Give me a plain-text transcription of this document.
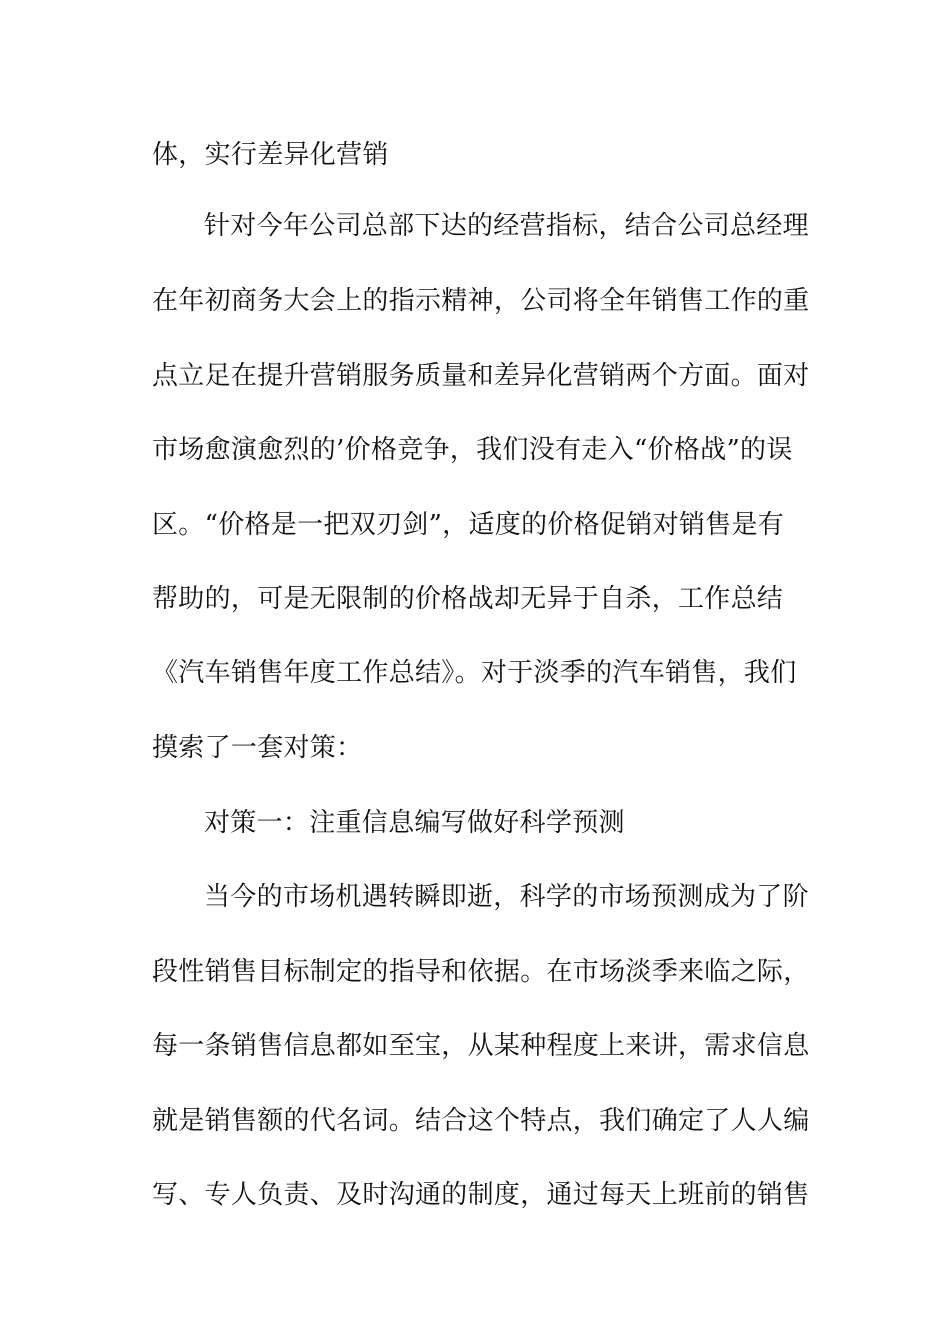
体，实行差异化营销
针对今年公司总部下达的经营指标，结合公司总经理
在年初商务大会上的指示精神，公司将全年销售工作的重
点立足在提升营销服务质量和差异化营销两个方面。面对
市场愈演愈烈的’价格竞争，我们没有走入“价格战”的误
区。“价格是一把双刃剑”，适度的价格促销对销售是有
帮助的，可是无限制的价格战却无异于自杀，工作总结
《汽车销售年度工作总结》。对于淡季的汽车销售，我们
摸索了一套对策：
对策一：注重信息编写做好科学预测
当今的市场机遇转瞬即逝，科学的市场预测成为了阶
段性销售目标制定的指导和依据。在市场淡季来临之际，
每一条销售信息都如至宝，从某种程度上来讲，需求信息
就是销售额的代名词。结合这个特点，我们确定了人人编
写、专人负责、及时沟通的制度，通过每天上班前的销售
